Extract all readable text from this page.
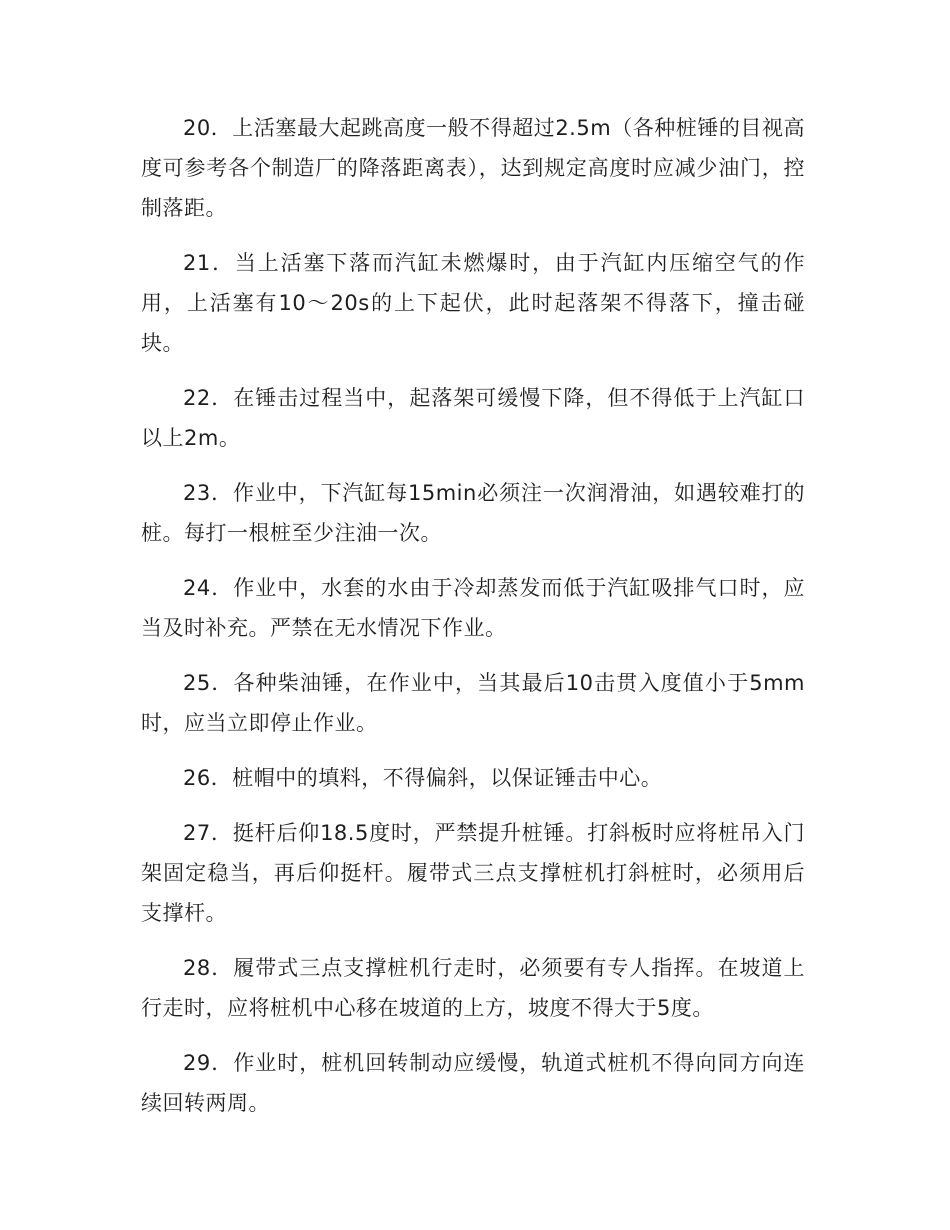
20．上活塞最大起跳高度一般不得超过2.5m（各种桩锤的目视高度可参考各个制造厂的降落距离表），达到规定高度时应减少油门，控制落距。

21．当上活塞下落而汽缸未燃爆时，由于汽缸内压缩空气的作用，上活塞有10～20s的上下起伏，此时起落架不得落下，撞击碰块。

22．在锤击过程当中，起落架可缓慢下降，但不得低于上汽缸口以上2m。

23．作业中，下汽缸每15min必须注一次润滑油，如遇较难打的桩。每打一根桩至少注油一次。

24．作业中，水套的水由于冷却蒸发而低于汽缸吸排气口时，应当及时补充。严禁在无水情况下作业。

25．各种柴油锤，在作业中，当其最后10击贯入度值小于5mm时，应当立即停止作业。

26．桩帽中的填料，不得偏斜，以保证锤击中心。

27．挺杆后仰18.5度时，严禁提升桩锤。打斜板时应将桩吊入门架固定稳当，再后仰挺杆。履带式三点支撑桩机打斜桩时，必须用后支撑杆。

28．履带式三点支撑桩机行走时，必须要有专人指挥。在坡道上行走时，应将桩机中心移在坡道的上方，坡度不得大于5度。

29．作业时，桩机回转制动应缓慢，轨道式桩机不得向同方向连续回转两周。
